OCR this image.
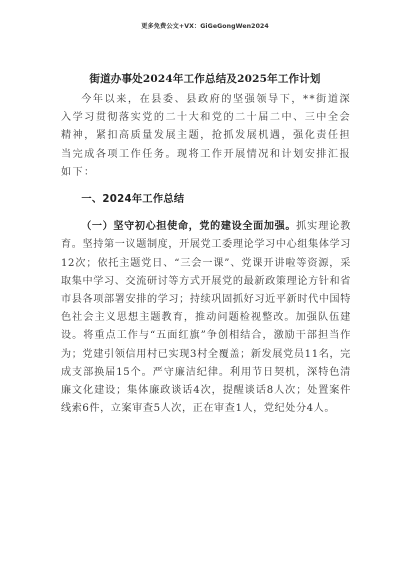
更多免费公文+VX：GiGeGongWen2024
街道办事处2024年工作总结及2025年工作计划

今年以来，在县委、县政府的坚强领导下，**街道深入学习贯彻落实党的二十大和党的二十届二中、三中全会精神，紧扣高质量发展主题，抢抓发展机遇，强化责任担当完成各项工作任务。现将工作开展情况和计划安排汇报如下：

一、2024年工作总结

（一）坚守初心担使命，党的建设全面加强。抓实理论教育。坚持第一议题制度，开展党工委理论学习中心组集体学习12次；依托主题党日、“三会一课”、党课开讲啦等资源，采取集中学习、交流研讨等方式开展党的最新政策理论方针和省市县各项部署安排的学习；持续巩固抓好习近平新时代中国特色社会主义思想主题教育，推动问题检视整改。加强队伍建设。将重点工作与“五面红旗”争创相结合，激励干部担当作为；党建引领信用村已实现3村全覆盖；新发展党员11名，完成支部换届15个。严守廉洁纪律。利用节日契机，深特色清廉文化建设；集体廉政谈话4次，提醒谈话8人次；处置案件线索6件，立案审查5人次，正在审查1人，党纪处分4人。
